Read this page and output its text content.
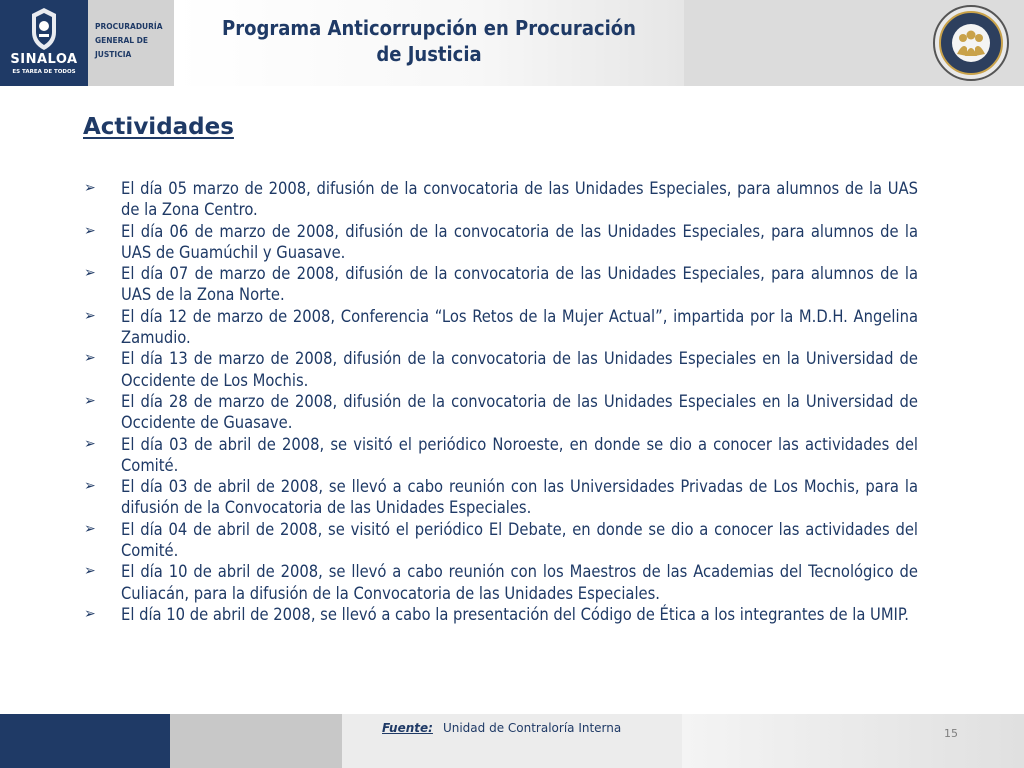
SINALOA
ES TAREA DE TODOS
PROCURADURÍA
GENERAL DE
JUSTICIA
Programa Anticorrupción en Procuración
de Justicia
Actividades
➢ El día 05 marzo de 2008, difusión de la convocatoria de las Unidades Especiales, para alumnos de la UAS de la Zona Centro.
➢ El día 06 de marzo de 2008, difusión de la convocatoria de las Unidades Especiales, para alumnos de la UAS de Guamúchil y Guasave.
➢ El día 07 de marzo de 2008, difusión de la convocatoria de las Unidades Especiales, para alumnos de la UAS de la Zona Norte.
➢ El día 12 de marzo de 2008, Conferencia “Los Retos de la Mujer Actual”, impartida por la M.D.H. Angelina Zamudio.
➢ El día 13 de marzo de 2008, difusión de la convocatoria de las Unidades Especiales en la Universidad de Occidente de Los Mochis.
➢ El día 28 de marzo de 2008, difusión de la convocatoria de las Unidades Especiales en la Universidad de Occidente de Guasave.
➢ El día 03 de abril de 2008, se visitó el periódico Noroeste, en donde se dio a conocer las actividades del Comité.
➢ El día 03 de abril de 2008, se llevó a cabo reunión con las Universidades Privadas de Los Mochis, para la difusión de la Convocatoria de las Unidades Especiales.
➢ El día 04 de abril de 2008, se visitó el periódico El Debate, en donde se dio a conocer las actividades del Comité.
➢ El día 10 de abril de 2008, se llevó a cabo reunión con los Maestros de las Academias del Tecnológico de Culiacán, para la difusión de la Convocatoria de las Unidades Especiales.
➢ El día 10 de abril de 2008, se llevó a cabo la presentación del Código de Ética a los integrantes de la UMIP.
Fuente: Unidad de Contraloría Interna	15
